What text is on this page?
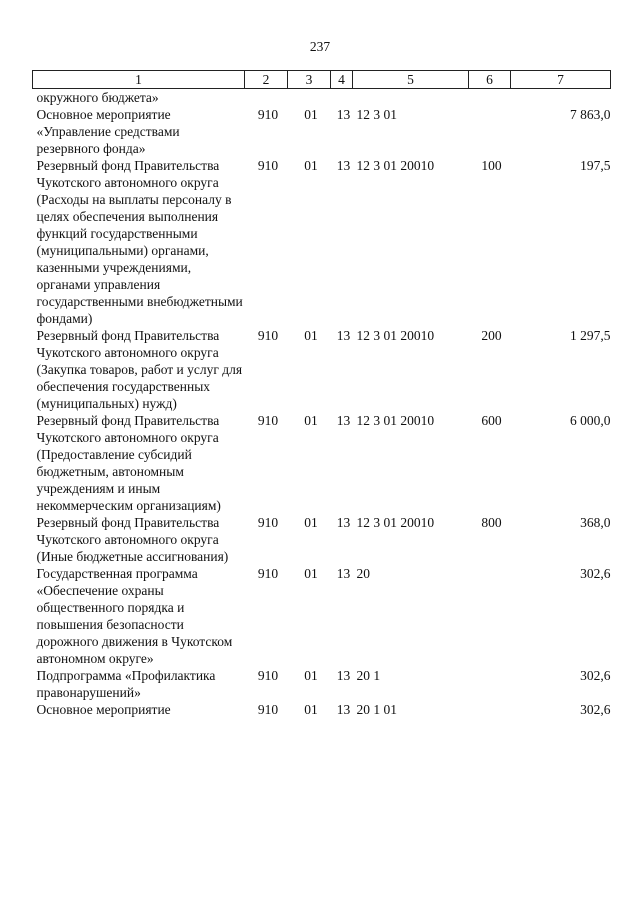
237
1	2	3	4	5	6	7
окружного бюджета»						
Основное мероприятие «Управление средствами резервного фонда»	910	01	13	12 3 01		7 863,0
Резервный фонд Правительства Чукотского автономного округа (Расходы на выплаты персоналу в целях обеспечения выполнения функций государственными (муниципальными) органами, казенными учреждениями, органами управления государственными внебюджетными фондами)	910	01	13	12 3 01 20010	100	197,5
Резервный фонд Правительства Чукотского автономного округа (Закупка товаров, работ и услуг для обеспечения государственных (муниципальных) нужд)	910	01	13	12 3 01 20010	200	1 297,5
Резервный фонд Правительства Чукотского автономного округа (Предоставление субсидий бюджетным, автономным учреждениям и иным некоммерческим организациям)	910	01	13	12 3 01 20010	600	6 000,0
Резервный фонд Правительства Чукотского автономного округа (Иные бюджетные ассигнования)	910	01	13	12 3 01 20010	800	368,0
Государственная программа «Обеспечение охраны общественного порядка и повышения безопасности дорожного движения в Чукотском автономном округе»	910	01	13	20		302,6
Подпрограмма «Профилактика правонарушений»	910	01	13	20 1		302,6
Основное мероприятие	910	01	13	20 1 01		302,6
